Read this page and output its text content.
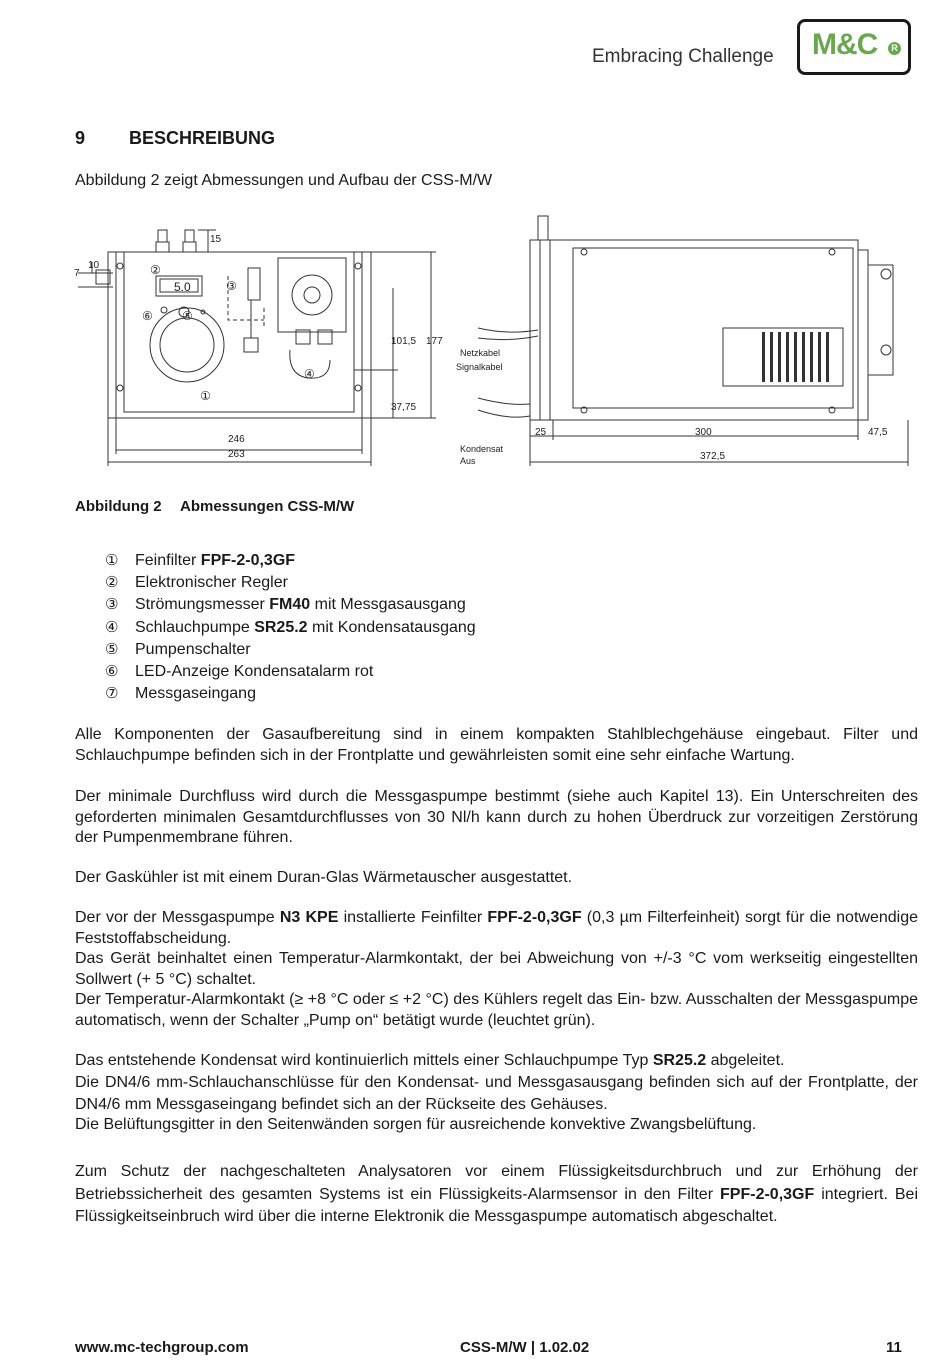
Embracing Challenge M&C	R
9 BESCHREIBUNG
Abbildung 2 zeigt Abmessungen und Aufbau der CSS-M/W
15
10
7
5.0
101,5 177
37,75
246
263
②
③
⑥ ⑤
④
①
Netzkabel
Signalkabel
Kondensat
Aus
25	300	47,5
372,5
Abbildung 2 Abmessungen CSS-M/W
① Feinfilter FPF-2-0,3GF
② Elektronischer Regler
③ Strömungsmesser FM40 mit Messgasausgang
④ Schlauchpumpe SR25.2 mit Kondensatausgang
⑤ Pumpenschalter
⑥ LED-Anzeige Kondensatalarm rot
⑦ Messgaseingang
Alle Komponenten der Gasaufbereitung sind in einem kompakten Stahlblechgehäuse eingebaut. Filter und Schlauchpumpe befinden sich in der Frontplatte und gewährleisten somit eine sehr einfache Wartung.
Der minimale Durchfluss wird durch die Messgaspumpe bestimmt (siehe auch Kapitel 13). Ein Unterschreiten des geforderten minimalen Gesamtdurchflusses von 30 Nl/h kann durch zu hohen Überdruck zur vorzeitigen Zerstörung der Pumpenmembrane führen.
Der Gaskühler ist mit einem Duran-Glas Wärmetauscher ausgestattet.
Der vor der Messgaspumpe N3 KPE installierte Feinfilter FPF-2-0,3GF (0,3 µm Filterfeinheit) sorgt für die notwendige Feststoffabscheidung.
Das Gerät beinhaltet einen Temperatur-Alarmkontakt, der bei Abweichung von +/-3 °C vom werkseitig eingestellten Sollwert (+ 5 °C) schaltet.
Der Temperatur-Alarmkontakt (≥ +8 °C oder ≤ +2 °C) des Kühlers regelt das Ein- bzw. Ausschalten der Messgaspumpe automatisch, wenn der Schalter „Pump on“ betätigt wurde (leuchtet grün).
Das entstehende Kondensat wird kontinuierlich mittels einer Schlauchpumpe Typ SR25.2 abgeleitet.
Die DN4/6 mm-Schlauchanschlüsse für den Kondensat- und Messgasausgang befinden sich auf der Frontplatte, der DN4/6 mm Messgaseingang befindet sich an der Rückseite des Gehäuses.
Die Belüftungsgitter in den Seitenwänden sorgen für ausreichende konvektive Zwangsbelüftung.
Zum Schutz der nachgeschalteten Analysatoren vor einem Flüssigkeitsdurchbruch und zur Erhöhung der Betriebssicherheit des gesamten Systems ist ein Flüssigkeits-Alarmsensor in den Filter FPF-2-0,3GF integriert. Bei Flüssigkeitseinbruch wird über die interne Elektronik die Messgaspumpe automatisch abgeschaltet.
www.mc-techgroup.com	CSS-M/W | 1.02.02	11
